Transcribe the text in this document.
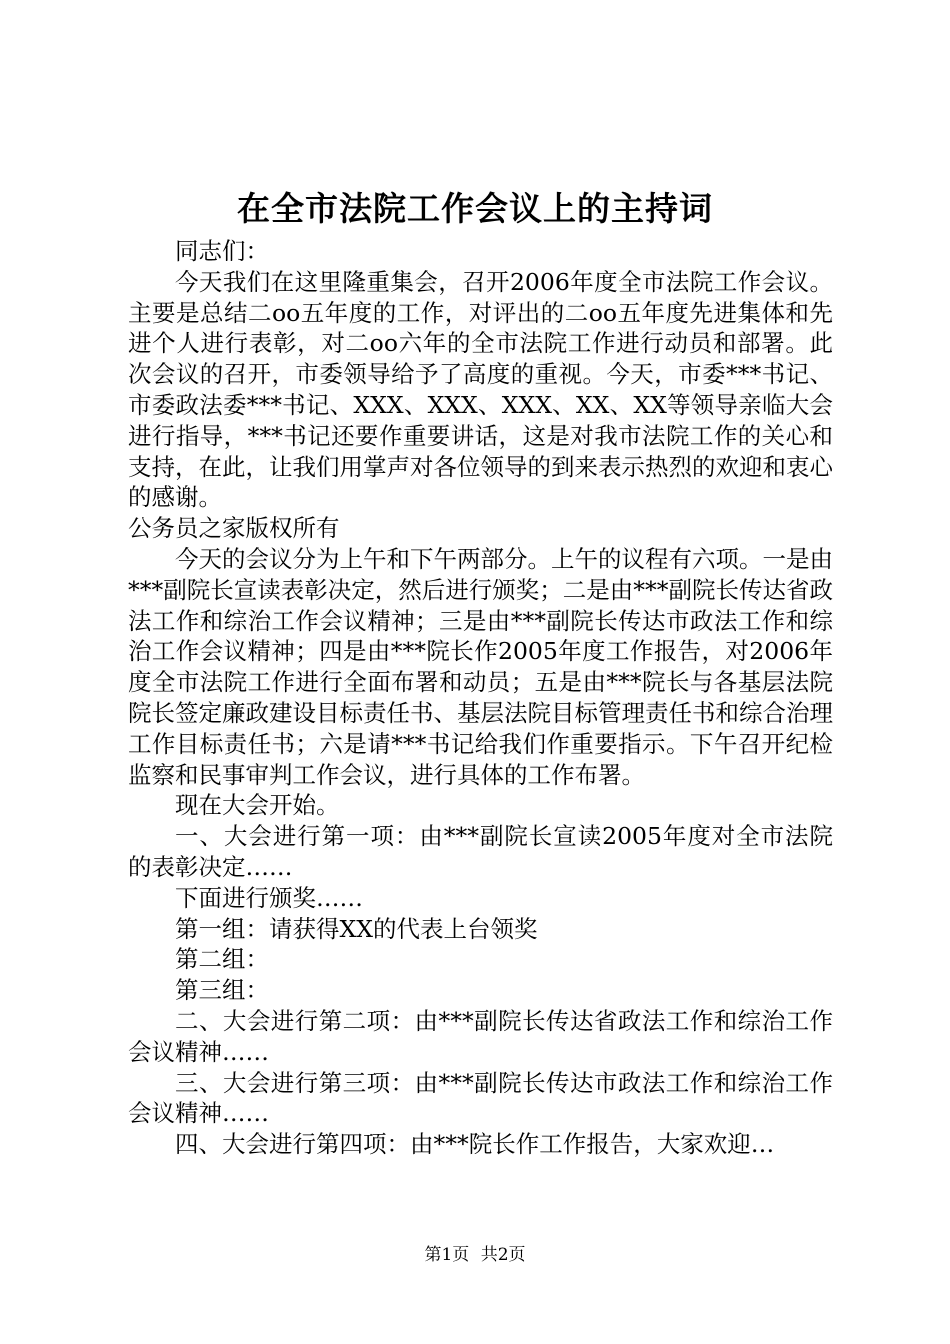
在全市法院工作会议上的主持词

同志们：

今天我们在这里隆重集会，召开2006年度全市法院工作会议。主要是总结二oo五年度的工作，对评出的二oo五年度先进集体和先进个人进行表彰，对二oo六年的全市法院工作进行动员和部署。此次会议的召开，市委领导给予了高度的重视。今天，市委***书记、市委政法委***书记、XXX、XXX、XXX、XX、XX等领导亲临大会进行指导，***书记还要作重要讲话，这是对我市法院工作的关心和支持，在此，让我们用掌声对各位领导的到来表示热烈的欢迎和衷心的感谢。

公务员之家版权所有

今天的会议分为上午和下午两部分。上午的议程有六项。一是由***副院长宣读表彰决定，然后进行颁奖；二是由***副院长传达省政法工作和综治工作会议精神；三是由***副院长传达市政法工作和综治工作会议精神；四是由***院长作2005年度工作报告，对2006年度全市法院工作进行全面布署和动员；五是由***院长与各基层法院院长签定廉政建设目标责任书、基层法院目标管理责任书和综合治理工作目标责任书；六是请***书记给我们作重要指示。下午召开纪检监察和民事审判工作会议，进行具体的工作布署。

现在大会开始。

一、大会进行第一项：由***副院长宣读2005年度对全市法院的表彰决定……

下面进行颁奖……

第一组：请获得XX的代表上台领奖

第二组：

第三组：

二、大会进行第二项：由***副院长传达省政法工作和综治工作会议精神……

三、大会进行第三项：由***副院长传达市政法工作和综治工作会议精神……

四、大会进行第四项：由***院长作工作报告，大家欢迎…

第1页 共2页
